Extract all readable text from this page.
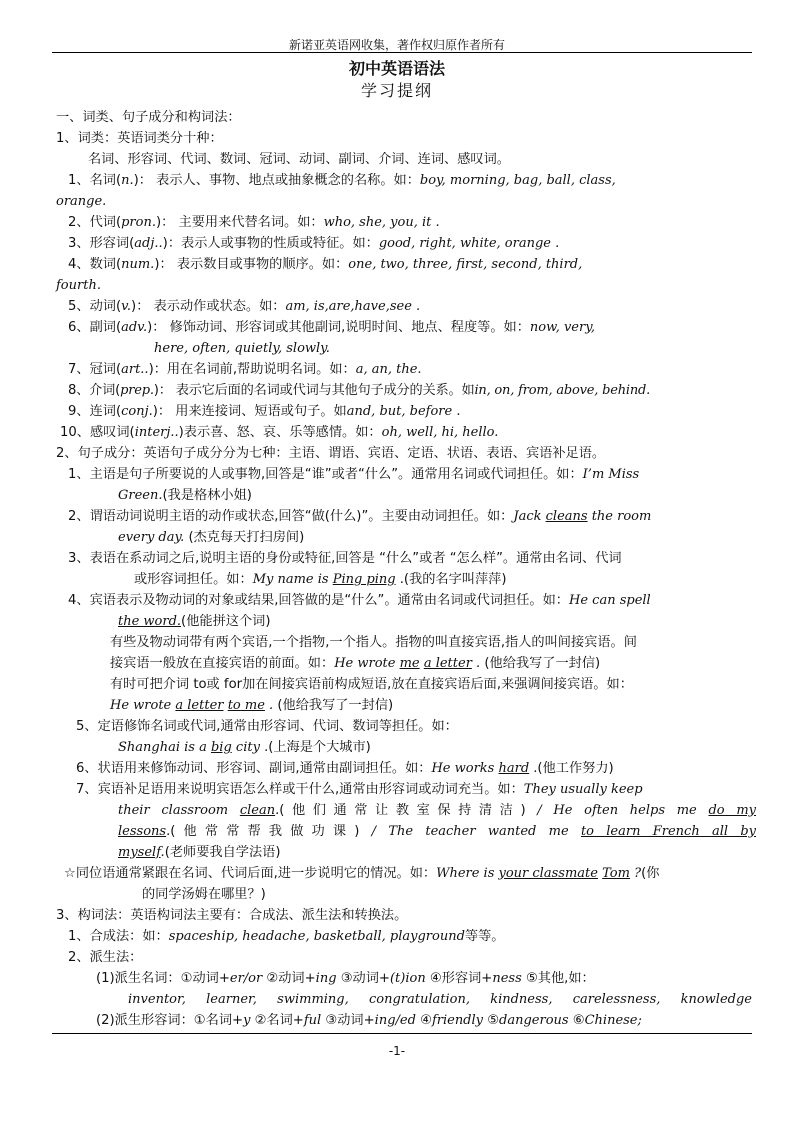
新诺亚英语网收集，著作权归原作者所有
初中英语语法
学习提纲
一、词类、句子成分和构词法：
1、词类：英语词类分十种：
名词、形容词、代词、数词、冠词、动词、副词、介词、连词、感叹词。
1、名词(n.)： 表示人、事物、地点或抽象概念的名称。如：boy, morning, bag, ball, class,
orange.
2、代词(pron.)： 主要用来代替名词。如：who, she, you, it .
3、形容词(adj..)：表示人或事物的性质或特征。如：good, right, white, orange .
4、数词(num.)： 表示数目或事物的顺序。如：one, two, three, first, second, third,
fourth.
5、动词(v.)： 表示动作或状态。如：am, is,are,have,see .
6、副词(adv.)： 修饰动词、形容词或其他副词,说明时间、地点、程度等。如：now, very,
here, often, quietly, slowly.
7、冠词(art..)：用在名词前,帮助说明名词。如：a, an, the.
8、介词(prep.)： 表示它后面的名词或代词与其他句子成分的关系。如in, on, from, above, behind.
9、连词(conj.)： 用来连接词、短语或句子。如and, but, before .
10、感叹词(interj..)表示喜、怒、哀、乐等感情。如：oh, well, hi, hello.
2、句子成分：英语句子成分分为七种：主语、谓语、宾语、定语、状语、表语、宾语补足语。
1、主语是句子所要说的人或事物,回答是“谁”或者“什么”。通常用名词或代词担任。如：I’m Miss
Green.(我是格林小姐)
2、谓语动词说明主语的动作或状态,回答“做(什么)”。主要由动词担任。如：Jack cleans the room
every day. (杰克每天打扫房间)
3、表语在系动词之后,说明主语的身份或特征,回答是 “什么”或者 “怎么样”。通常由名词、代词
或形容词担任。如：My name is Ping ping .(我的名字叫萍萍)
4、宾语表示及物动词的对象或结果,回答做的是“什么”。通常由名词或代词担任。如：He can spell
the word.(他能拼这个词)
有些及物动词带有两个宾语,一个指物,一个指人。指物的叫直接宾语,指人的叫间接宾语。间
接宾语一般放在直接宾语的前面。如：He wrote me a letter . (他给我写了一封信)
有时可把介词 to或 for加在间接宾语前构成短语,放在直接宾语后面,来强调间接宾语。如：
He wrote a letter to me . (他给我写了一封信)
5、定语修饰名词或代词,通常由形容词、代词、数词等担任。如：
Shanghai is a big city .(上海是个大城市)
6、状语用来修饰动词、形容词、副词,通常由副词担任。如：He works hard .(他工作努力)
7、宾语补足语用来说明宾语怎么样或干什么,通常由形容词或动词充当。如：They usually keep
their classroom clean.(他们通常让教室保持清洁) / He often helps me do my
lessons.(他常常帮我做功课) / The teacher wanted me to learn French all by
myself.(老师要我自学法语)
☆同位语通常紧跟在名词、代词后面,进一步说明它的情况。如：Where is your classmate Tom ?(你
的同学汤姆在哪里？)
3、构词法：英语构词法主要有：合成法、派生法和转换法。
1、合成法：如：spaceship, headache, basketball, playground等等。
2、派生法：
(1)派生名词：①动词+er/or ②动词+ing ③动词+(t)ion ④形容词+ness ⑤其他,如：
inventor, learner, swimming, congratulation, kindness, carelessness, knowledge
(2)派生形容词：①名词+y ②名词+ful ③动词+ing/ed ④friendly ⑤dangerous ⑥Chinese;
-1-
